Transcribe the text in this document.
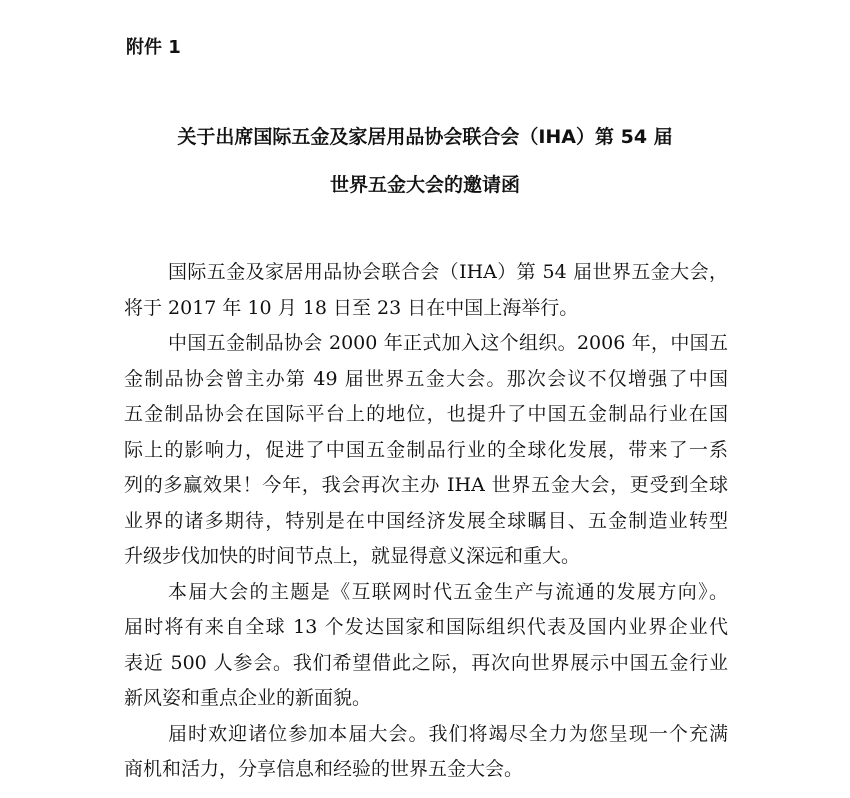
附件 1
关于出席国际五金及家居用品协会联合会（IHA）第 54 届
世界五金大会的邀请函
国际五金及家居用品协会联合会（IHA）第 54 届世界五金大会，
将于 2017 年 10 月 18 日至 23 日在中国上海举行。
中国五金制品协会 2000 年正式加入这个组织。2006 年，中国五
金制品协会曾主办第 49 届世界五金大会。那次会议不仅增强了中国
五金制品协会在国际平台上的地位，也提升了中国五金制品行业在国
际上的影响力，促进了中国五金制品行业的全球化发展，带来了一系
列的多赢效果！今年，我会再次主办 IHA 世界五金大会，更受到全球
业界的诸多期待，特别是在中国经济发展全球瞩目、五金制造业转型
升级步伐加快的时间节点上，就显得意义深远和重大。
本届大会的主题是《互联网时代五金生产与流通的发展方向》。
届时将有来自全球 13 个发达国家和国际组织代表及国内业界企业代
表近 500 人参会。我们希望借此之际，再次向世界展示中国五金行业
新风姿和重点企业的新面貌。
届时欢迎诸位参加本届大会。我们将竭尽全力为您呈现一个充满
商机和活力，分享信息和经验的世界五金大会。
